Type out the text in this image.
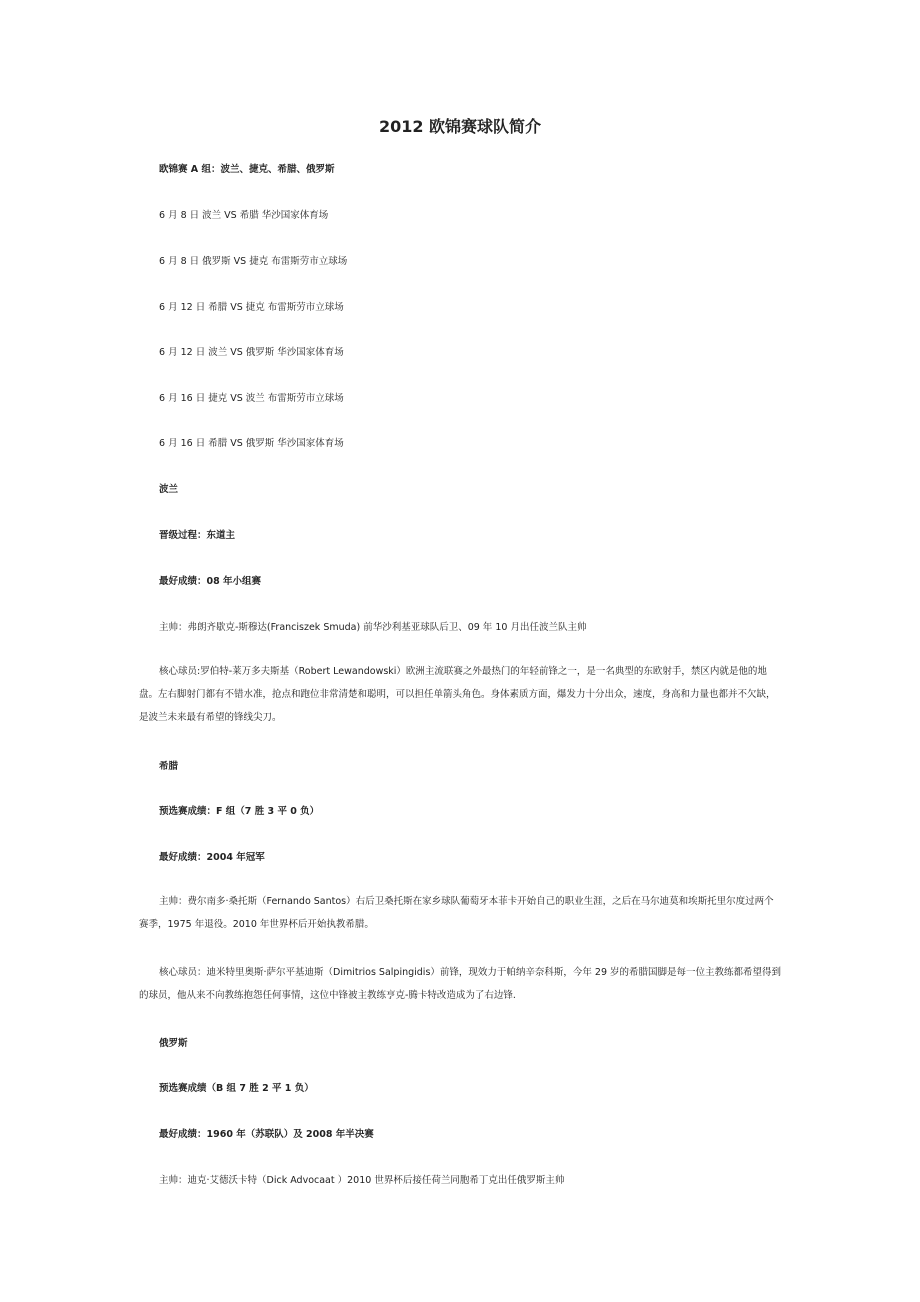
2012 欧锦赛球队简介
欧锦赛 A 组：波兰、捷克、希腊、俄罗斯
6 月 8 日 波兰 VS 希腊 华沙国家体育场
6 月 8 日 俄罗斯 VS 捷克 布雷斯劳市立球场
6 月 12 日 希腊 VS 捷克 布雷斯劳市立球场
6 月 12 日 波兰 VS 俄罗斯 华沙国家体育场
6 月 16 日 捷克 VS 波兰 布雷斯劳市立球场
6 月 16 日 希腊 VS 俄罗斯 华沙国家体育场
波兰
晋级过程：东道主
最好成绩：08 年小组赛
主帅：弗朗齐歇克-斯穆达(Franciszek Smuda) 前华沙利基亚球队后卫、09 年 10 月出任波兰队主帅

核心球员:罗伯特-莱万多夫斯基（Robert Lewandowski）欧洲主流联赛之外最热门的年轻前锋之一，是一名典型的东欧射手，禁区内就是他的地盘。左右脚射门都有不错水准，抢点和跑位非常清楚和聪明，可以担任单箭头角色。身体素质方面，爆发力十分出众，速度，身高和力量也都并不欠缺，是波兰未来最有希望的锋线尖刀。

希腊
预选赛成绩：F 组（7 胜 3 平 0 负）
最好成绩：2004 年冠军

主帅：费尔南多·桑托斯（Fernando Santos）右后卫桑托斯在家乡球队葡萄牙本菲卡开始自己的职业生涯，之后在马尔迪莫和埃斯托里尔度过两个赛季，1975 年退役。2010 年世界杯后开始执教希腊。

核心球员：迪米特里奥斯·萨尔平基迪斯（Dimitrios Salpingidis）前锋，现效力于帕纳辛奈科斯，今年 29 岁的希腊国脚是每一位主教练都希望得到的球员，他从来不向教练抱怨任何事情，这位中锋被主教练亨克-腾卡特改造成为了右边锋.

俄罗斯
预选赛成绩（B 组 7 胜 2 平 1 负）
最好成绩：1960 年（苏联队）及 2008 年半决赛
主帅：迪克·艾德沃卡特（Dick Advocaat ）2010 世界杯后接任荷兰同胞希丁克出任俄罗斯主帅
